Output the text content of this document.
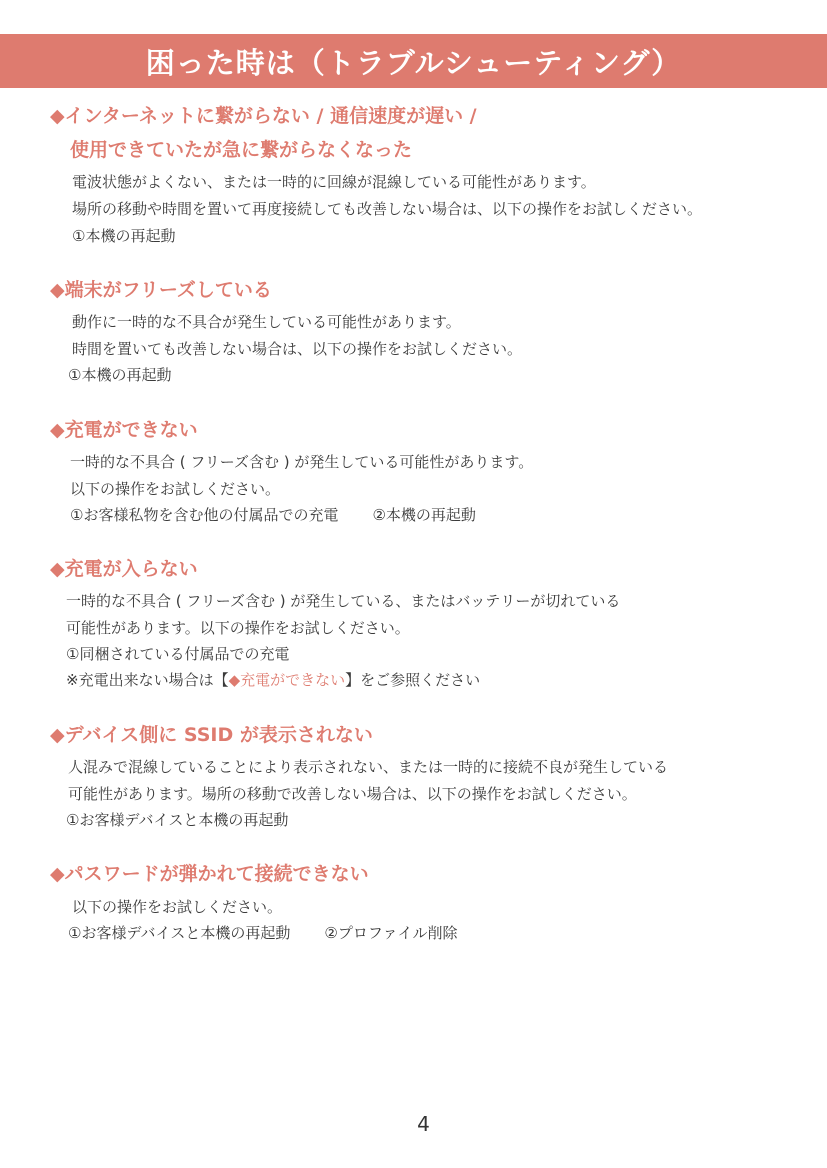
困った時は（トラブルシューティング）
◆インターネットに繋がらない / 通信速度が遅い /
使用できていたが急に繋がらなくなった
電波状態がよくない、または一時的に回線が混線している可能性があります。
場所の移動や時間を置いて再度接続しても改善しない場合は、以下の操作をお試しください。
①本機の再起動
◆端末がフリーズしている
動作に一時的な不具合が発生している可能性があります。
時間を置いても改善しない場合は、以下の操作をお試しください。
①本機の再起動
◆充電ができない
一時的な不具合 ( フリーズ含む ) が発生している可能性があります。
以下の操作をお試しください。
①お客様私物を含む他の付属品での充電 ②本機の再起動
◆充電が入らない
一時的な不具合 ( フリーズ含む ) が発生している、またはバッテリーが切れている
可能性があります。以下の操作をお試しください。
①同梱されている付属品での充電
※充電出来ない場合は【◆充電ができない】をご参照ください
◆デバイス側に SSID が表示されない
人混みで混線していることにより表示されない、または一時的に接続不良が発生している
可能性があります。場所の移動で改善しない場合は、以下の操作をお試しください。
①お客様デバイスと本機の再起動
◆パスワードが弾かれて接続できない
以下の操作をお試しください。
①お客様デバイスと本機の再起動 ②プロファイル削除
4
